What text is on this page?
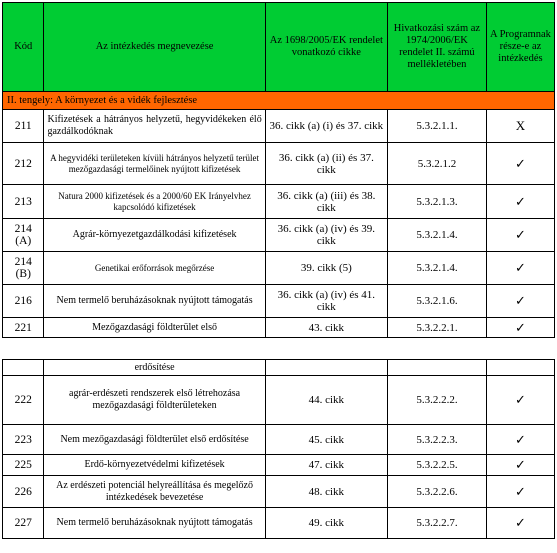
Kód	Az intézkedés megnevezése	Az 1698/2005/EK rendelet vonatkozó cikke	Hivatkozási szám az 1974/2006/EK rendelet II. számú mellékletében	A Programnak része-e az intézkedés
II. tengely: A környezet és a vidék fejlesztése				
211	Kifizetések a hátrányos helyzetű, hegyvidékeken élő gazdálkodóknak	36. cikk (a) (i) és 37. cikk	5.3.2.1.1.	X
212	A hegyvidéki területeken kívüli hátrányos helyzetű terület mezőgazdasági termelőinek nyújtott kifizetések	36. cikk (a) (ii) és 37. cikk	5.3.2.1.2	✓
213	Natura 2000 kifizetések és a 2000/60 EK Irányelvhez kapcsolódó kifizetések	36. cikk (a) (iii) és 38. cikk	5.3.2.1.3.	✓
214 (A)	Agrár-környezetgazdálkodási kifizetések	36. cikk (a) (iv) és 39. cikk	5.3.2.1.4.	✓
214 (B)	Genetikai erőforrások megőrzése	39. cikk (5)	5.3.2.1.4.	✓
216	Nem termelő beruházásoknak nyújtott támogatás	36. cikk (a) (iv) és 41. cikk	5.3.2.1.6.	✓
221	Mezőgazdasági földterület első	43. cikk	5.3.2.2.1.	✓
	erdősítése			
222	agrár-erdészeti rendszerek első létrehozása mezőgazdasági földterületeken	44. cikk	5.3.2.2.2.	✓
223	Nem mezőgazdasági földterület első erdősítése	45. cikk	5.3.2.2.3.	✓
225	Erdő-környezetvédelmi kifizetések	47. cikk	5.3.2.2.5.	✓
226	Az erdészeti potenciál helyreállítása és megelőző intézkedések bevezetése	48. cikk	5.3.2.2.6.	✓
227	Nem termelő beruházásoknak nyújtott támogatás	49. cikk	5.3.2.2.7.	✓
